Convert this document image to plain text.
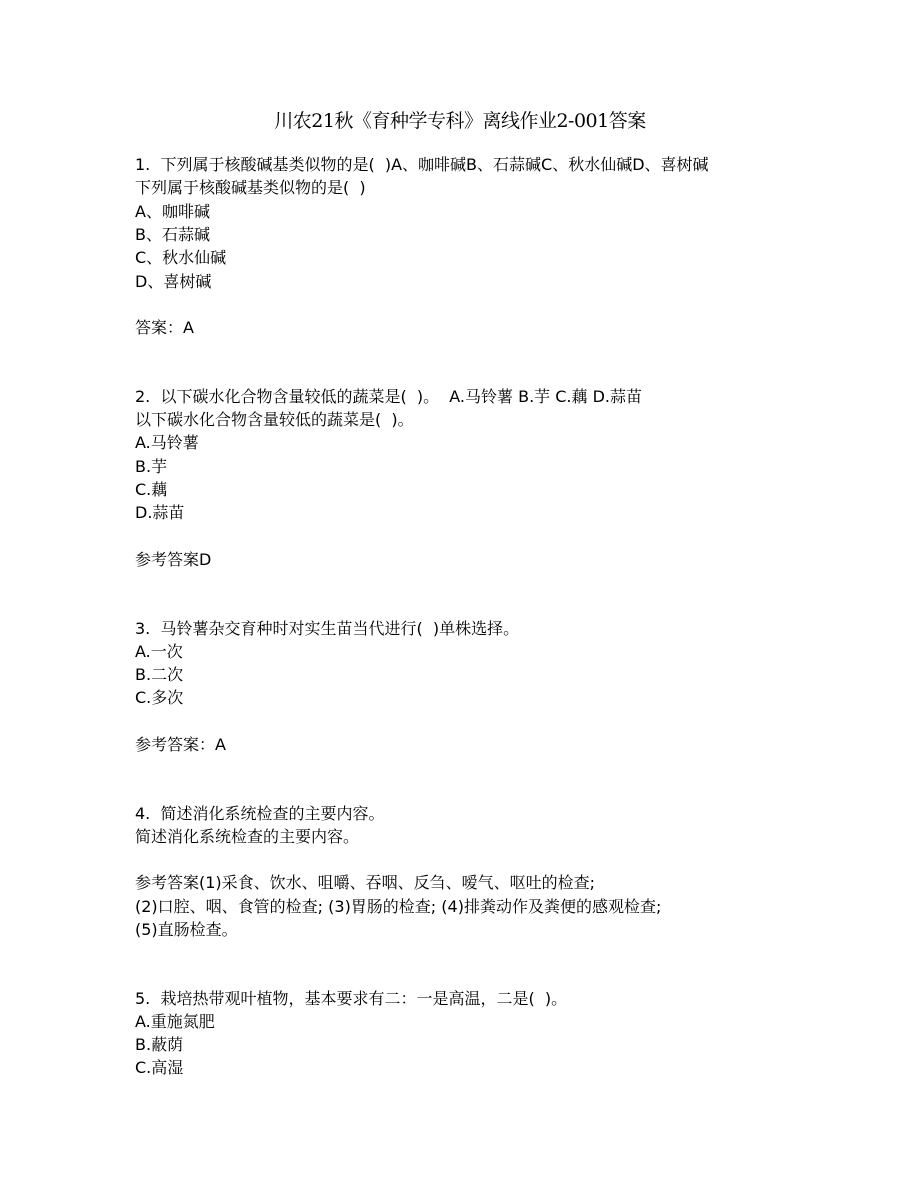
川农21秋《育种学专科》离线作业2-001答案
1.  下列属于核酸碱基类似物的是(  )A、咖啡碱B、石蒜碱C、秋水仙碱D、喜树碱
下列属于核酸碱基类似物的是(  )
A、咖啡碱
B、石蒜碱
C、秋水仙碱
D、喜树碱
答案：A
2.  以下碳水化合物含量较低的蔬菜是(  )。  A.马铃薯 B.芋 C.藕 D.蒜苗
以下碳水化合物含量较低的蔬菜是(  )。
A.马铃薯
B.芋
C.藕
D.蒜苗
参考答案D
3.  马铃薯杂交育种时对实生苗当代进行(  )单株选择。
A.一次
B.二次
C.多次
参考答案：A
4.  简述消化系统检查的主要内容。
简述消化系统检查的主要内容。
参考答案(1)采食、饮水、咀嚼、吞咽、反刍、嗳气、呕吐的检查;
(2)口腔、咽、食管的检查; (3)胃肠的检查; (4)排粪动作及粪便的感观检查;
(5)直肠检查。
5.  栽培热带观叶植物，基本要求有二：一是高温，二是(  )。
A.重施氮肥
B.蔽荫
C.高湿
